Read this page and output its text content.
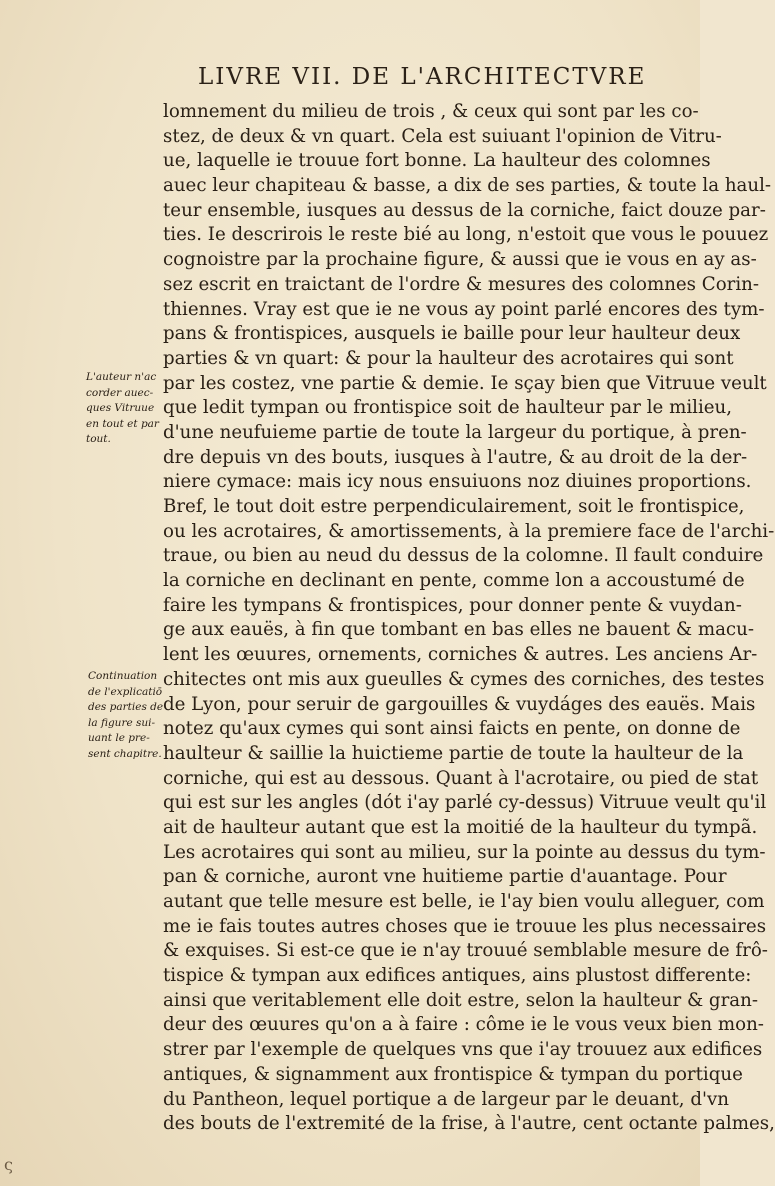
LIVRE VII. DE L'ARCHITECTVRE
L'auteur n'ac
corder auec-
ques Vitruue
en tout et par
tout.
Continuation
de l'explicatiō
des parties de
la figure sui-
uant le pre-
sent chapitre.
lomnement du milieu de trois , & ceux qui sont par les co-
stez, de deux & vn quart. Cela est suiuant l'opinion de Vitru-
ue, laquelle ie trouue fort bonne. La haulteur des colomnes
auec leur chapiteau & basse, a dix de ses parties, & toute la haul-
teur ensemble, iusques au dessus de la corniche, faict douze par-
ties. Ie descrirois le reste bié au long, n'estoit que vous le pouuez
cognoistre par la prochaine figure, & aussi que ie vous en ay as-
sez escrit en traictant de l'ordre & mesures des colomnes Corin-
thiennes. Vray est que ie ne vous ay point parlé encores des tym-
pans & frontispices, ausquels ie baille pour leur haulteur deux
parties & vn quart: & pour la haulteur des acrotaires qui sont
par les costez, vne partie & demie. Ie sçay bien que Vitruue veult
que ledit tympan ou frontispice soit de haulteur par le milieu,
d'une neufuieme partie de toute la largeur du portique, à pren-
dre depuis vn des bouts, iusques à l'autre, & au droit de la der-
niere cymace: mais icy nous ensuiuons noz diuines proportions.
Bref, le tout doit estre perpendiculairement, soit le frontispice,
ou les acrotaires, & amortissements, à la premiere face de l'archi-
traue, ou bien au neud du dessus de la colomne. Il fault conduire
la corniche en declinant en pente, comme lon a accoustumé de
faire les tympans & frontispices, pour donner pente & vuydan-
ge aux eauës, à fin que tombant en bas elles ne bauent & macu-
lent les œuures, ornements, corniches & autres. Les anciens Ar-
chitectes ont mis aux gueulles & cymes des corniches, des testes
de Lyon, pour seruir de gargouilles & vuydáges des eauës. Mais
notez qu'aux cymes qui sont ainsi faicts en pente, on donne de
haulteur & saillie la huictieme partie de toute la haulteur de la
corniche, qui est au dessous. Quant à l'acrotaire, ou pied de stat
qui est sur les angles (dót i'ay parlé cy-dessus) Vitruue veult qu'il
ait de haulteur autant que est la moitié de la haulteur du tympã.
Les acrotaires qui sont au milieu, sur la pointe au dessus du tym-
pan & corniche, auront vne huitieme partie d'auantage. Pour
autant que telle mesure est belle, ie l'ay bien voulu alleguer, com
me ie fais toutes autres choses que ie trouue les plus necessaires
& exquises. Si est-ce que ie n'ay trouué semblable mesure de frô-
tispice & tympan aux edifices antiques, ains plustost differente:
ainsi que veritablement elle doit estre, selon la haulteur & gran-
deur des œuures qu'on a à faire : côme ie le vous veux bien mon-
strer par l'exemple de quelques vns que i'ay trouuez aux edifices
antiques, & signamment aux frontispice & tympan du portique
du Pantheon, lequel portique a de largeur par le deuant, d'vn
des bouts de l'extremité de la frise, à l'autre, cent octante palmes,
ς
